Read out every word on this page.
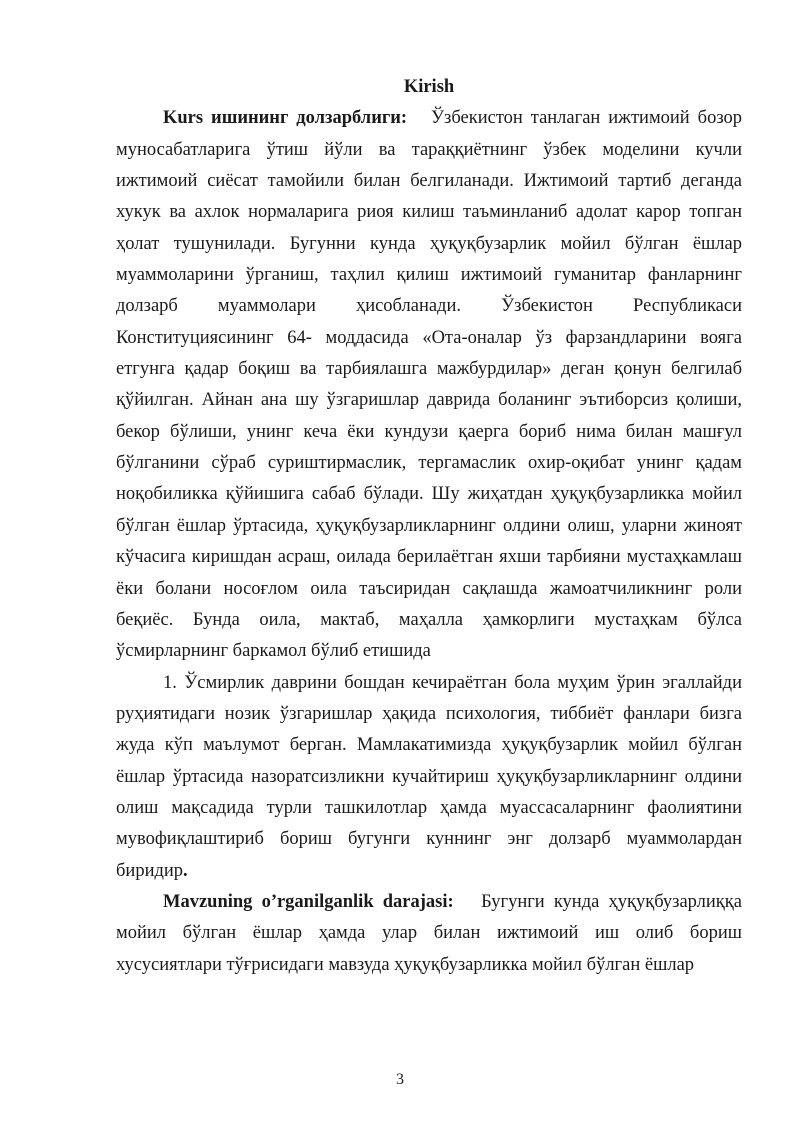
Kirish

Kurs ишининг долзарблиги: Ўзбекистон танлаган ижтимоий бозор муносабатларига ўтиш йўли ва тараққиётнинг ўзбек моделини кучли ижтимоий сиёсат тамойили билан белгиланади. Ижтимоий тартиб деганда хукук ва ахлок нормаларига риоя килиш таъминланиб адолат карор топган ҳолат тушунилади. Бугунни кунда ҳуқуқбузарлик мойил бўлган ёшлар муаммоларини ўрганиш, таҳлил қилиш ижтимоий гуманитар фанларнинг долзарб муаммолари ҳисобланади. Ўзбекистон Республикаси Конституциясининг 64- моддасида «Ота-оналар ўз фарзандларини вояга етгунга қадар боқиш ва тарбиялашга мажбурдилар» деган қонун белгилаб қўйилган. Айнан ана шу ўзгаришлар даврида боланинг эътиборсиз қолиши, бекор бўлиши, унинг кеча ёки кундузи қаерга бориб нима билан машғул бўлганини сўраб суриштирмаслик, тергамаслик охир-оқибат унинг қадам ноқобиликка қўйишига сабаб бўлади. Шу жиҳатдан ҳуқуқбузарликка мойил бўлган ёшлар ўртасида, ҳуқуқбузарликларнинг олдини олиш, уларни жиноят кўчасига киришдан асраш, оилада берилаётган яхши тарбияни мустаҳкамлаш ёки болани носоғлом оила таъсиридан сақлашда жамоатчиликнинг роли беқиёс. Бунда оила, мактаб, маҳалла ҳамкорлиги мустаҳкам бўлса ўсмирларнинг баркамол бўлиб етишида

1. Ўсмирлик даврини бошдан кечираётган бола муҳим ўрин эгаллайди руҳиятидаги нозик ўзгаришлар ҳақида психология, тиббиёт фанлари бизга жуда кўп маълумот берган. Мамлакатимизда ҳуқуқбузарлик мойил бўлган ёшлар ўртасида назоратсизликни кучайтириш ҳуқуқбузарликларнинг олдини олиш мақсадида турли ташкилотлар ҳамда муассасаларнинг фаолиятини мувофиқлаштириб бориш бугунги куннинг энг долзарб муаммолардан биридир.

Mavzuning o’rganilganlik darajasi: Бугунги кунда ҳуқуқбузарлиққа мойил бўлган ёшлар ҳамда улар билан ижтимоий иш олиб бориш хусусиятлари тўғрисидаги мавзуда ҳуқуқбузарликка мойил бўлган ёшлар

3
